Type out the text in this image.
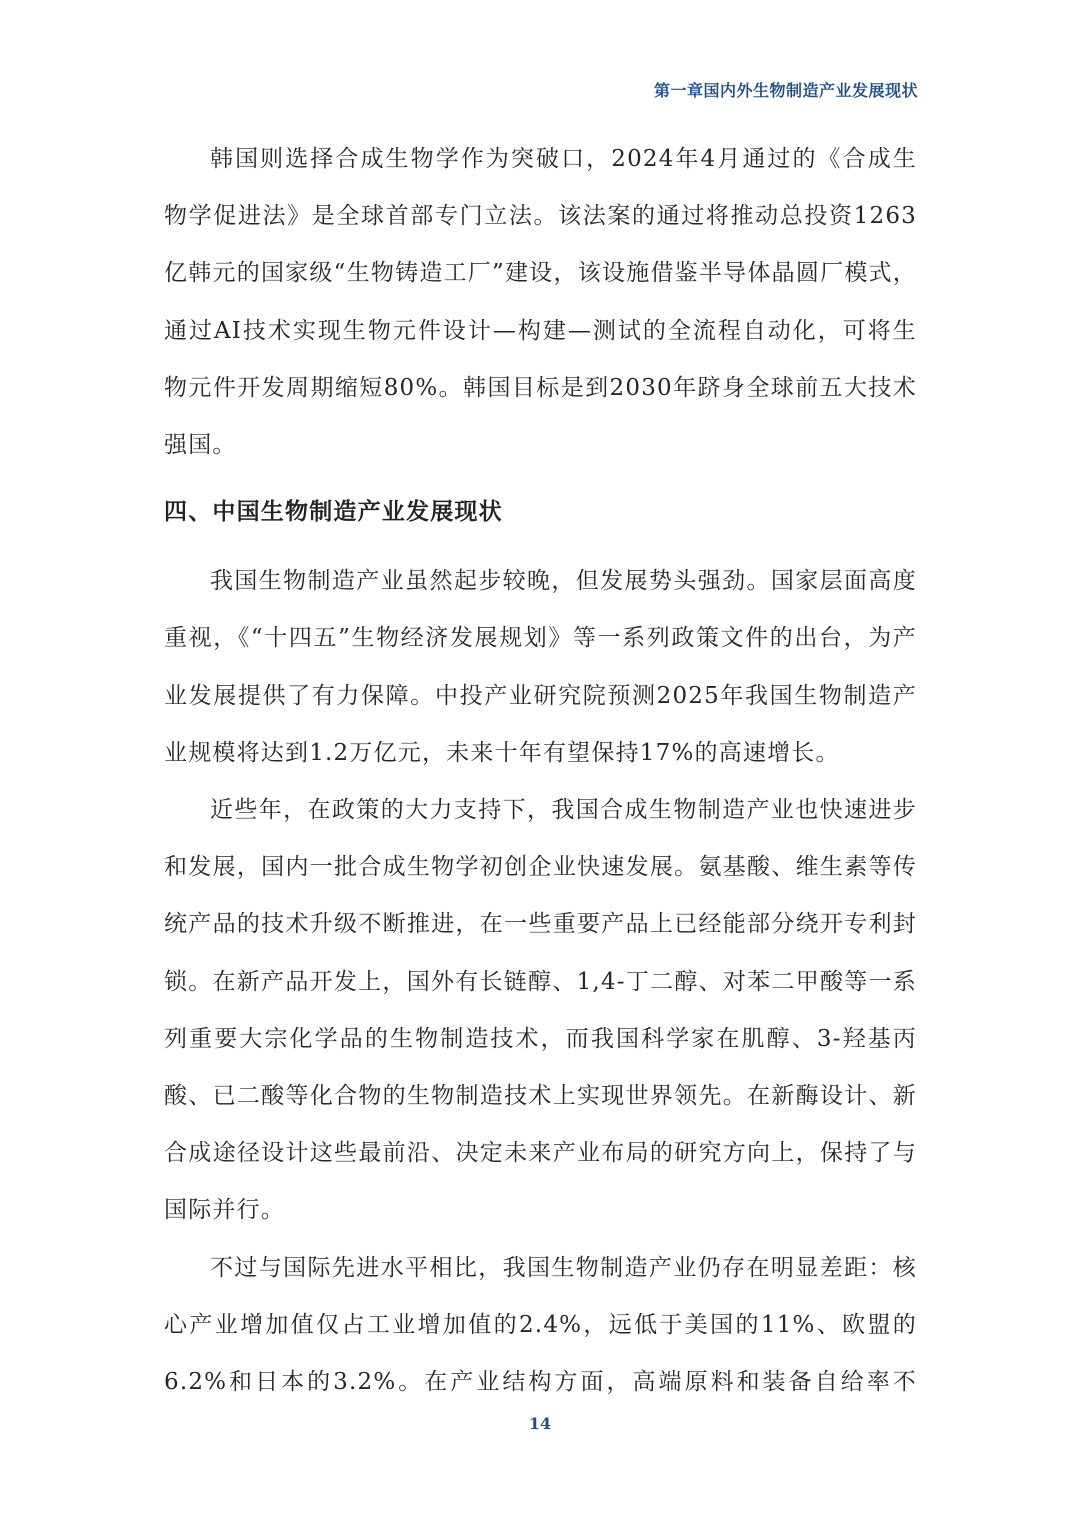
第一章国内外生物制造产业发展现状

韩国则选择合成生物学作为突破口，2024年4月通过的《合成生物学促进法》是全球首部专门立法。该法案的通过将推动总投资1263亿韩元的国家级“生物铸造工厂”建设，该设施借鉴半导体晶圆厂模式，通过AI技术实现生物元件设计—构建—测试的全流程自动化，可将生物元件开发周期缩短80%。韩国目标是到2030年跻身全球前五大技术强国。

四、中国生物制造产业发展现状

我国生物制造产业虽然起步较晚，但发展势头强劲。国家层面高度重视，《“十四五”生物经济发展规划》等一系列政策文件的出台，为产业发展提供了有力保障。中投产业研究院预测2025年我国生物制造产业规模将达到1.2万亿元，未来十年有望保持17%的高速增长。

近些年，在政策的大力支持下，我国合成生物制造产业也快速进步和发展，国内一批合成生物学初创企业快速发展。氨基酸、维生素等传统产品的技术升级不断推进，在一些重要产品上已经能部分绕开专利封锁。在新产品开发上，国外有长链醇、1,4-丁二醇、对苯二甲酸等一系列重要大宗化学品的生物制造技术，而我国科学家在肌醇、3-羟基丙酸、已二酸等化合物的生物制造技术上实现世界领先。在新酶设计、新合成途径设计这些最前沿、决定未来产业布局的研究方向上，保持了与国际并行。

不过与国际先进水平相比，我国生物制造产业仍存在明显差距：核心产业增加值仅占工业增加值的2.4%，远低于美国的11%、欧盟的6.2%和日本的3.2%。在产业结构方面，高端原料和装备自给率不

14
